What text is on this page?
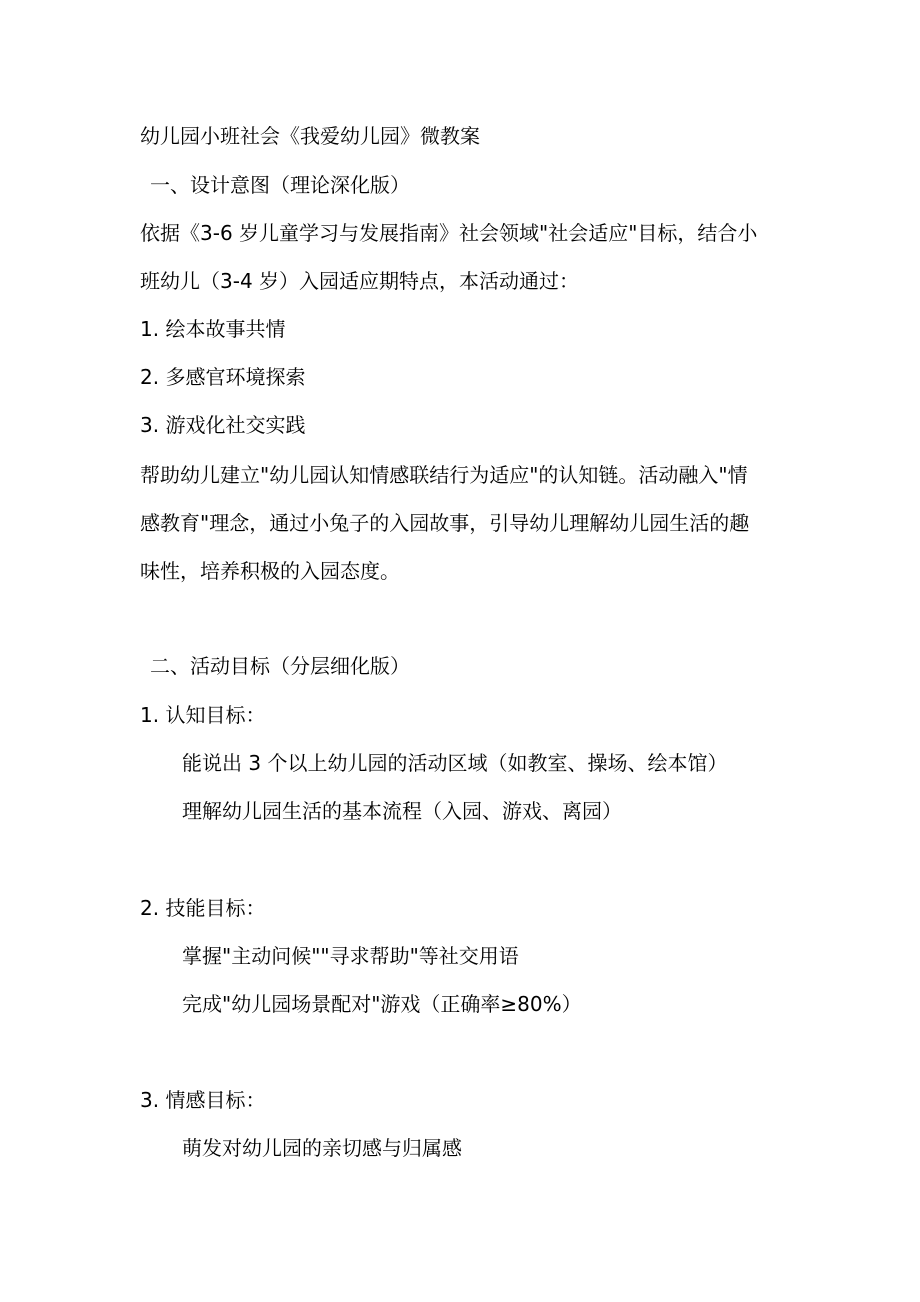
幼儿园小班社会《我爱幼儿园》微教案
一、设计意图（理论深化版）
依据《3-6 岁儿童学习与发展指南》社会领域"社会适应"目标，结合小
班幼儿（3-4 岁）入园适应期特点，本活动通过：
1. 绘本故事共情
2. 多感官环境探索
3. 游戏化社交实践
帮助幼儿建立"幼儿园认知情感联结行为适应"的认知链。活动融入"情
感教育"理念，通过小兔子的入园故事，引导幼儿理解幼儿园生活的趣
味性，培养积极的入园态度。
二、活动目标（分层细化版）
1. 认知目标：
能说出 3 个以上幼儿园的活动区域（如教室、操场、绘本馆）
理解幼儿园生活的基本流程（入园、游戏、离园）
2. 技能目标：
掌握"主动问候""寻求帮助"等社交用语
完成"幼儿园场景配对"游戏（正确率≥80%）
3. 情感目标：
萌发对幼儿园的亲切感与归属感
